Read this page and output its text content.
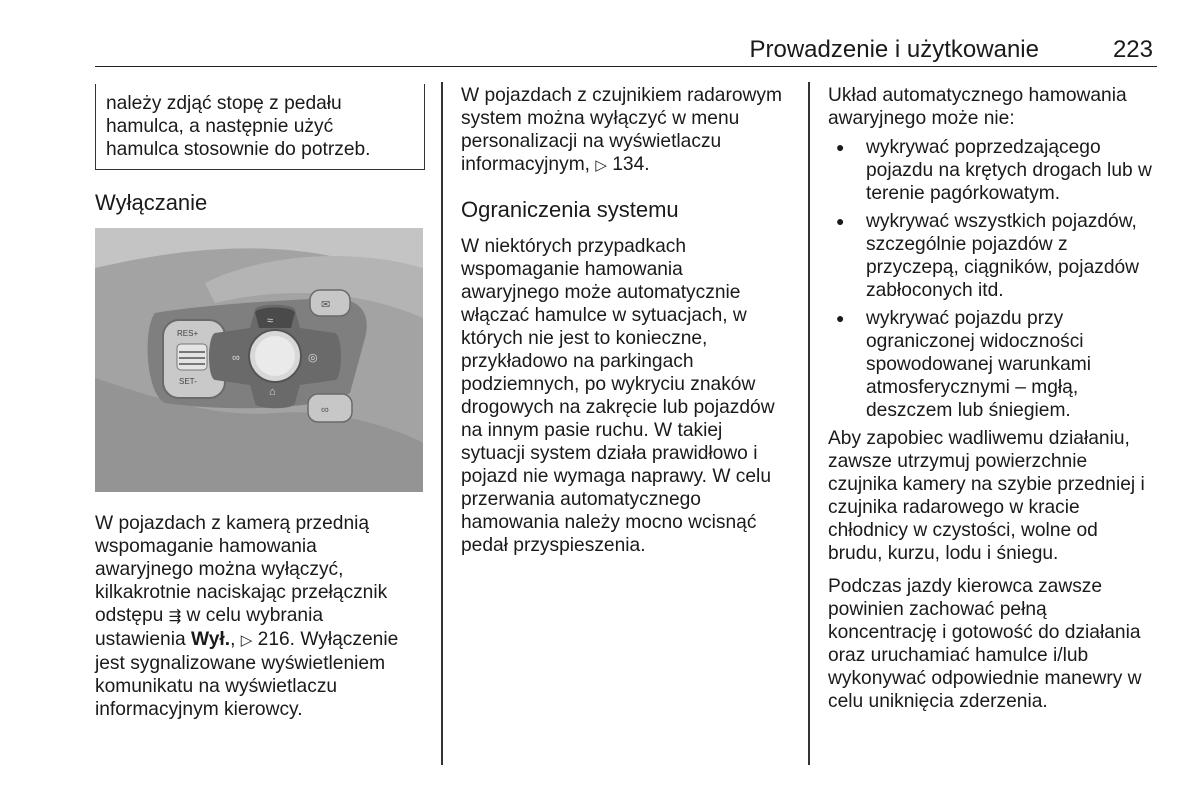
Prowadzenie i użytkowanie	223

należy zdjąć stopę z pedału
hamulca, a następnie użyć
hamulca stosownie do potrzeb.

Wyłączanie
RES+
SET-
≈
∞	◎
⌂
✉
∞

W pojazdach z kamerą przednią
wspomaganie hamowania
awaryjnego można wyłączyć,
kilkakrotnie naciskając przełącznik
odstępu ⇶ w celu wybrania
ustawienia Wył., ▷ 216. Wyłączenie
jest sygnalizowane wyświetleniem
komunikatu na wyświetlaczu
informacyjnym kierowcy.

W pojazdach z czujnikiem radarowym
system można wyłączyć w menu
personalizacji na wyświetlaczu
informacyjnym, ▷ 134.

Ograniczenia systemu

W niektórych przypadkach
wspomaganie hamowania
awaryjnego może automatycznie
włączać hamulce w sytuacjach, w
których nie jest to konieczne,
przykładowo na parkingach
podziemnych, po wykryciu znaków
drogowych na zakręcie lub pojazdów
na innym pasie ruchu. W takiej
sytuacji system działa prawidłowo i
pojazd nie wymaga naprawy. W celu
przerwania automatycznego
hamowania należy mocno wcisnąć
pedał przyspieszenia.

Układ automatycznego hamowania
awaryjnego może nie:

● wykrywać poprzedzającego
pojazdu na krętych drogach lub w
terenie pagórkowatym.
● wykrywać wszystkich pojazdów,
szczególnie pojazdów z
przyczepą, ciągników, pojazdów
zabłoconych itd.
● wykrywać pojazdu przy
ograniczonej widoczności
spowodowanej warunkami
atmosferycznymi – mgłą,
deszczem lub śniegiem.

Aby zapobiec wadliwemu działaniu,
zawsze utrzymuj powierzchnie
czujnika kamery na szybie przedniej i
czujnika radarowego w kracie
chłodnicy w czystości, wolne od
brudu, kurzu, lodu i śniegu.

Podczas jazdy kierowca zawsze
powinien zachować pełną
koncentrację i gotowość do działania
oraz uruchamiać hamulce i/lub
wykonywać odpowiednie manewry w
celu uniknięcia zderzenia.
